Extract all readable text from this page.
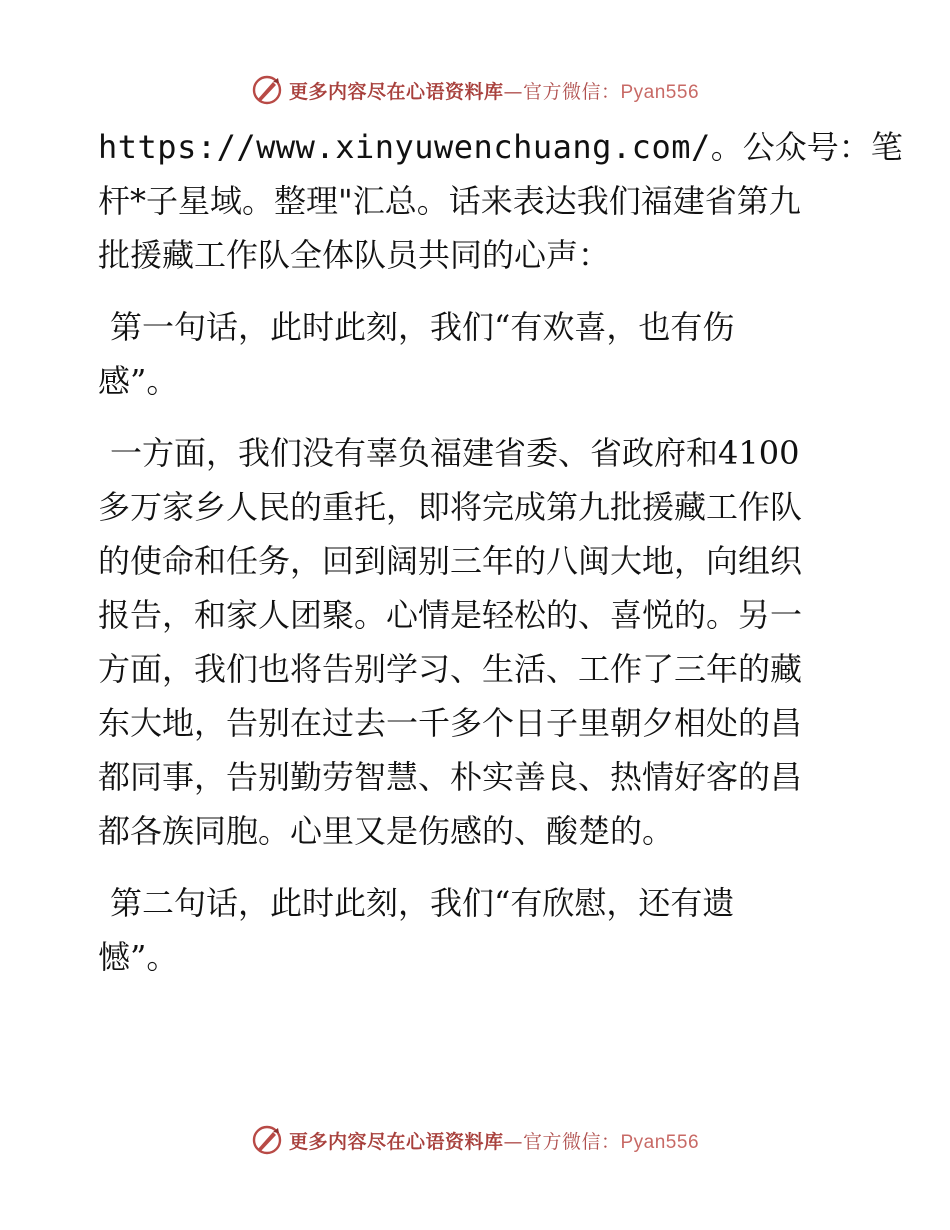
更多内容尽在心语资料库—官方微信：Pyan556

https://www.xinyuwenchuang.com/。公众号：笔
杆*子星域。整理"汇总。话来表达我们福建省第九
批援藏工作队全体队员共同的心声：

第一句话，此时此刻，我们“有欢喜，也有伤
感”。

一方面，我们没有辜负福建省委、省政府和4100
多万家乡人民的重托，即将完成第九批援藏工作队
的使命和任务，回到阔别三年的八闽大地，向组织
报告，和家人团聚。心情是轻松的、喜悦的。另一
方面，我们也将告别学习、生活、工作了三年的藏
东大地，告别在过去一千多个日子里朝夕相处的昌
都同事，告别勤劳智慧、朴实善良、热情好客的昌
都各族同胞。心里又是伤感的、酸楚的。

第二句话，此时此刻，我们“有欣慰，还有遗
憾”。

更多内容尽在心语资料库—官方微信：Pyan556
